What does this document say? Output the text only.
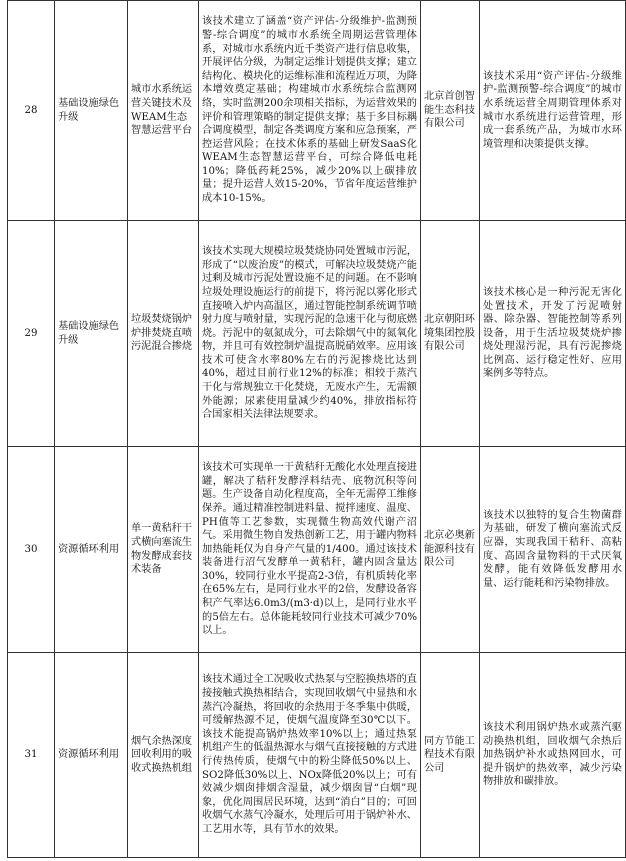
28	基础设施绿色升级	城市水系统运营关键技术及WEAM生态智慧运营平台	该技术建立了涵盖“资产评估-分级维护-监测预警-综合调度”的城市水系统全周期运营管理体系，对城市水系统内近千类资产进行信息收集，开展评估分级，为制定运维计划提供支撑；建立结构化、模块化的运维标准和流程近万项，为降本增效奠定基础；构建城市水系统综合监测网络，实时监测200余项相关指标，为运营效果的评价和管理策略的制定提供支撑；基于多目标耦合调度模型，制定各类调度方案和应急预案，严控运营风险；在技术体系的基础上研发SaaS化WEAM生态智慧运营平台，可综合降低电耗10%；降低药耗25%，减少20%以上碳排放量；提升运营人效15-20%，节省年度运营维护成本10-15%。	北京首创智能生态科技有限公司	该技术采用“资产评估-分级维护-监测预警-综合调度”的城市水系统运营全周期管理体系对城市水系统进行运营管理，形成一套系统产品，为城市水环境管理和决策提供支撑。
29	基础设施绿色升级	垃圾焚烧锅炉炉排焚烧直喷污泥混合掺烧	该技术实现大规模垃圾焚烧协同处置城市污泥，形成了“以废治废”的模式，可解决垃圾焚烧产能过剩及城市污泥处置设施不足的问题。在不影响垃圾处理设施运行的前提下，将污泥以雾化形式直接喷入炉内高温区，通过智能控制系统调节喷射力度与喷射量，实现污泥的急速干化与彻底燃烧。污泥中的氨氮成分，可去除烟气中的氮氧化物，并且可有效控制炉温提高脱硝效率。应用该技术可使含水率80%左右的污泥掺烧比达到40%，超过目前行业12%的标准；相较于蒸汽干化与常规独立干化焚烧，无废水产生，无需额外能源；尿素使用量减少约40%，排放指标符合国家相关法律法规要求。	北京朝阳环境集团控股有限公司	该技术核心是一种污泥无害化处置技术，开发了污泥喷射器、除杂器、智能控制等系列设备，用于生活垃圾焚烧炉掺烧处理湿污泥，具有污泥掺烧比例高、运行稳定性好、应用案例多等特点。
30	资源循环利用	单一黄秸秆干式横向塞流生物发酵成套技术装备	该技术可实现单一干黄秸秆无酸化水处理直接进罐，解决了秸秆发酵浮料结壳、底物沉积等问题。生产设备自动化程度高，全年无需停工维修保养。通过精准控制进料量、搅拌速度、温度、PH值等工艺参数，实现微生物高效代谢产沼气。采用微生物自发热创新工艺，用于罐内物料加热能耗仅为自身产气量的1/400。通过该技术装备进行沼气发酵单一黄秸秆，罐内固含量达30%，较同行业水平提高2-3倍，有机质转化率在65%左右，是同行业水平的2倍，发酵设备容积产气率达6.0m3/(m3·d)以上，是同行业水平的5倍左右。总体能耗较同行业技术可减少70%以上。	北京必奥新能源科技有限公司	该技术以独特的复合生物菌群为基础，研发了横向塞流式反应器，实现我国干秸秆、高粘度、高固含量物料的干式厌氧发酵，能有效降低发酵用水量、运行能耗和污染物排放。
31	资源循环利用	烟气余热深度回收利用的吸收式换热机组	该技术通过全工况吸收式热泵与空腔换热塔的直接接触式换热相结合，实现回收烟气中显热和水蒸汽冷凝热，将回收的余热用于冬季集中供暖，可缓解热源不足，使烟气温度降至30℃以下。该技术能提高锅炉热效率10%以上；通过热泵机组产生的低温热源水与烟气直接接触的方式进行传热传质，使烟气中的粉尘降低50%以上、SO2降低30%以上、NOx降低20%以上；可有效减少烟囱排烟含湿量，减少烟囱冒“白烟”现象，优化周围居民环境，达到“消白”目的；可回收烟气水蒸气冷凝水，处理后可用于锅炉补水、工艺用水等，具有节水的效果。	同方节能工程技术有限公司	该技术利用锅炉热水或蒸汽驱动换热机组，回收烟气余热后加热锅炉补水或热网回水，可提升锅炉的热效率，减少污染物排放和碳排放。
